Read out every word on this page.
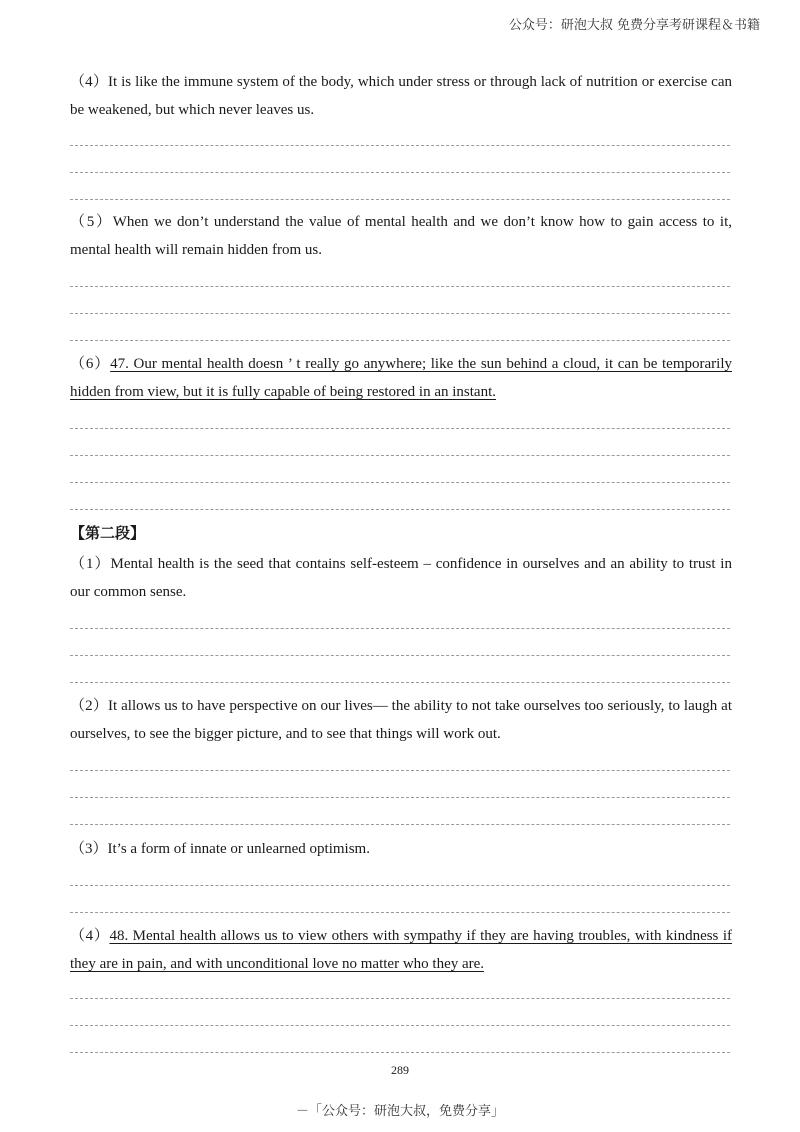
公众号：研泡大叔 免费分享考研课程＆书籍
（4）It is like the immune system of the body, which under stress or through lack of nutrition or exercise can be weakened, but which never leaves us.
（5）When we don’t understand the value of mental health and we don’t know how to gain access to it, mental health will remain hidden from us.
（6）47. Our mental health doesn ’ t really go anywhere; like the sun behind a cloud, it can be temporarily hidden from view, but it is fully capable of being restored in an instant.
【第二段】
（1）Mental health is the seed that contains self-esteem – confidence in ourselves and an ability to trust in our common sense.
（2）It allows us to have perspective on our lives— the ability to not take ourselves too seriously, to laugh at ourselves, to see the bigger picture, and to see that things will work out.
（3）It’s a form of innate or unlearned optimism.
（4）48. Mental health allows us to view others with sympathy if they are having troubles, with kindness if they are in pain, and with unconditional love no matter who they are.
289
－「公众号：研泡大叔，免费分享」
